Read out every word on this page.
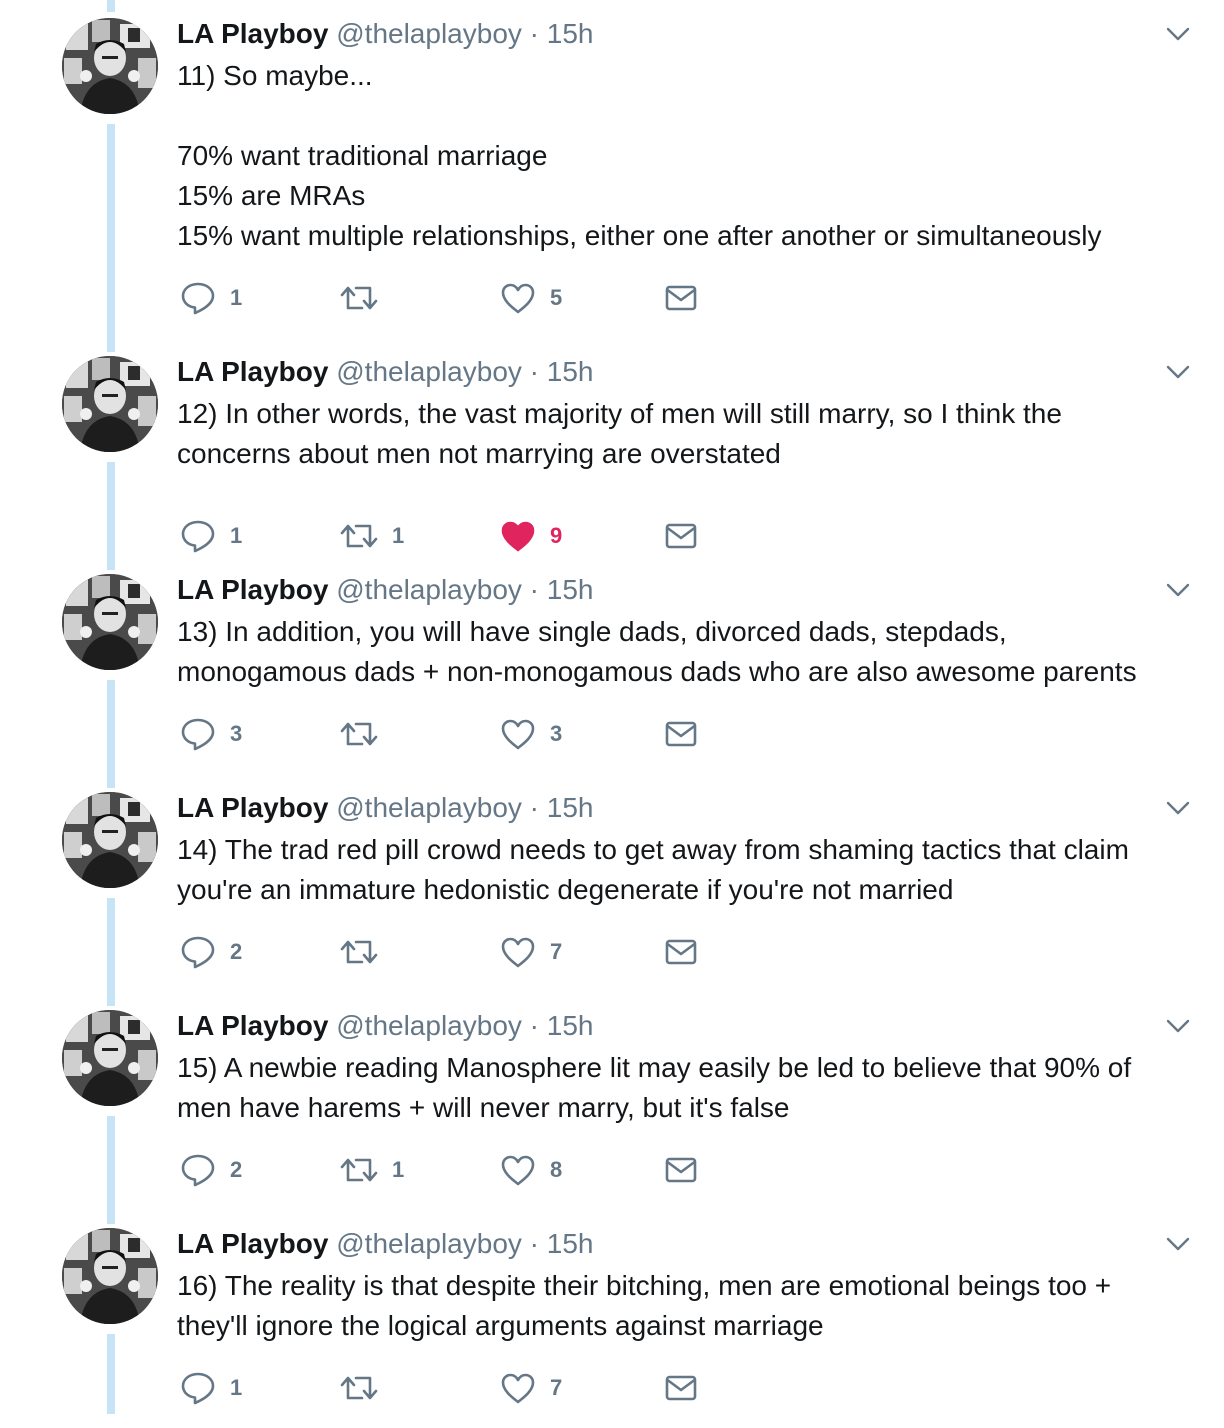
LA Playboy @thelaplayboy · 15h

11) So maybe...

70% want traditional marriage

15% are MRAs

15% want multiple relationships, either one after another or simultaneously

1	5
LA Playboy @thelaplayboy · 15h

12) In other words, the vast majority of men will still marry, so I think the

concerns about men not marrying are overstated

1	1	9
LA Playboy @thelaplayboy · 15h

13) In addition, you will have single dads, divorced dads, stepdads,

monogamous dads + non-monogamous dads who are also awesome parents

3	3
LA Playboy @thelaplayboy · 15h

14) The trad red pill crowd needs to get away from shaming tactics that claim

you're an immature hedonistic degenerate if you're not married

2	7
LA Playboy @thelaplayboy · 15h

15) A newbie reading Manosphere lit may easily be led to believe that 90% of

men have harems + will never marry, but it's false

2	1	8
LA Playboy @thelaplayboy · 15h

16) The reality is that despite their bitching, men are emotional beings too +

they'll ignore the logical arguments against marriage

1	7
